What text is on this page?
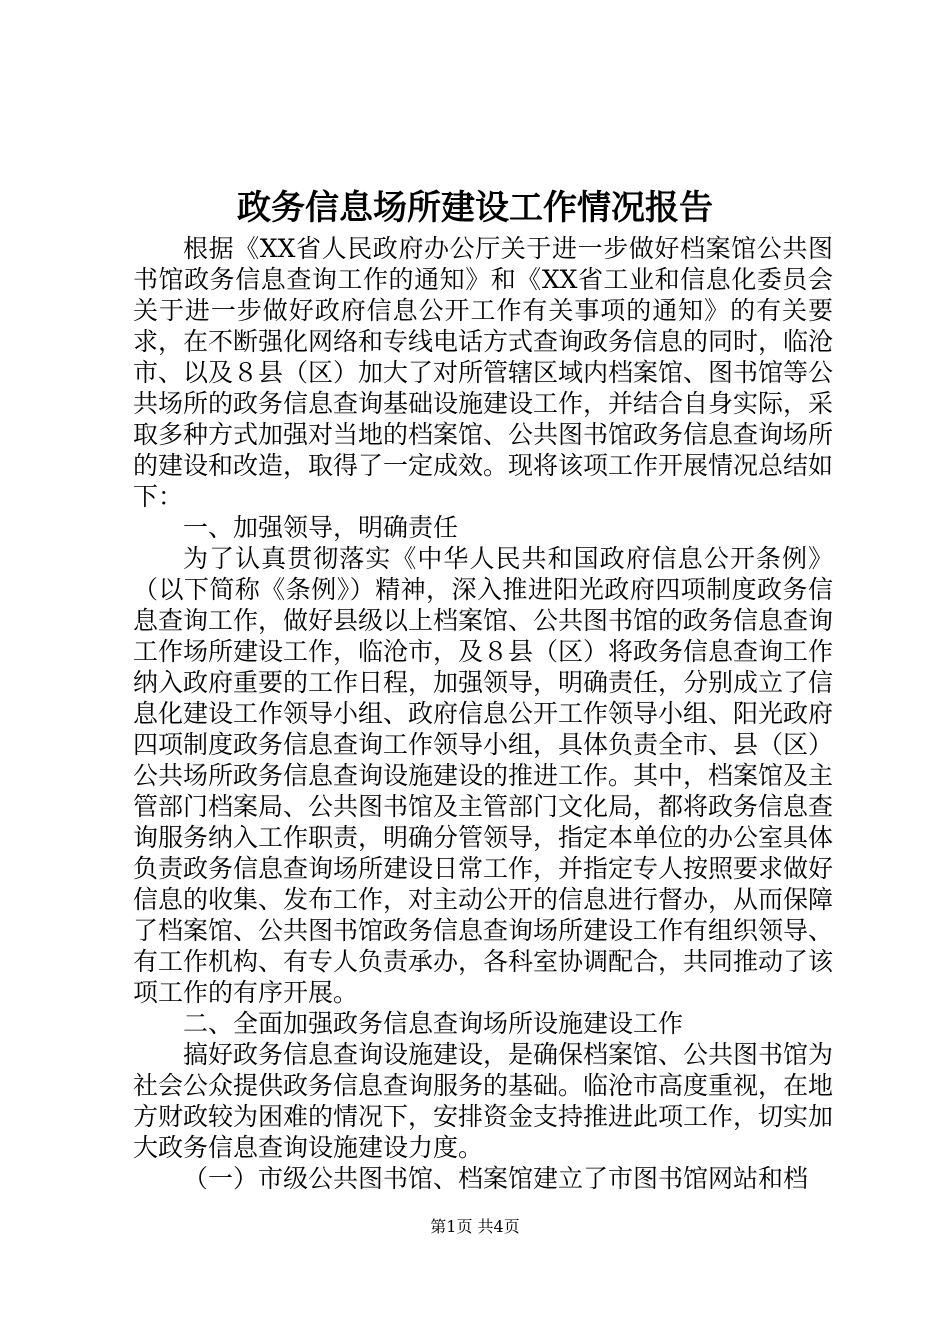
政务信息场所建设工作情况报告

根据《XX省人民政府办公厅关于进一步做好档案馆公共图书馆政务信息查询工作的通知》和《XX省工业和信息化委员会关于进一步做好政府信息公开工作有关事项的通知》的有关要求，在不断强化网络和专线电话方式查询政务信息的同时，临沧市、以及８县（区）加大了对所管辖区域内档案馆、图书馆等公共场所的政务信息查询基础设施建设工作，并结合自身实际，采取多种方式加强对当地的档案馆、公共图书馆政务信息查询场所的建设和改造，取得了一定成效。现将该项工作开展情况总结如下：

一、加强领导，明确责任

为了认真贯彻落实《中华人民共和国政府信息公开条例》（以下简称《条例》）精神，深入推进阳光政府四项制度政务信息查询工作，做好县级以上档案馆、公共图书馆的政务信息查询工作场所建设工作，临沧市，及８县（区）将政务信息查询工作纳入政府重要的工作日程，加强领导，明确责任，分别成立了信息化建设工作领导小组、政府信息公开工作领导小组、阳光政府四项制度政务信息查询工作领导小组，具体负责全市、县（区）公共场所政务信息查询设施建设的推进工作。其中，档案馆及主管部门档案局、公共图书馆及主管部门文化局，都将政务信息查询服务纳入工作职责，明确分管领导，指定本单位的办公室具体负责政务信息查询场所建设日常工作，并指定专人按照要求做好信息的收集、发布工作，对主动公开的信息进行督办，从而保障了档案馆、公共图书馆政务信息查询场所建设工作有组织领导、有工作机构、有专人负责承办，各科室协调配合，共同推动了该项工作的有序开展。

二、全面加强政务信息查询场所设施建设工作

搞好政务信息查询设施建设，是确保档案馆、公共图书馆为社会公众提供政务信息查询服务的基础。临沧市高度重视，在地方财政较为困难的情况下，安排资金支持推进此项工作，切实加大政务信息查询设施建设力度。

（一）市级公共图书馆、档案馆建立了市图书馆网站和档

第1页 共4页
